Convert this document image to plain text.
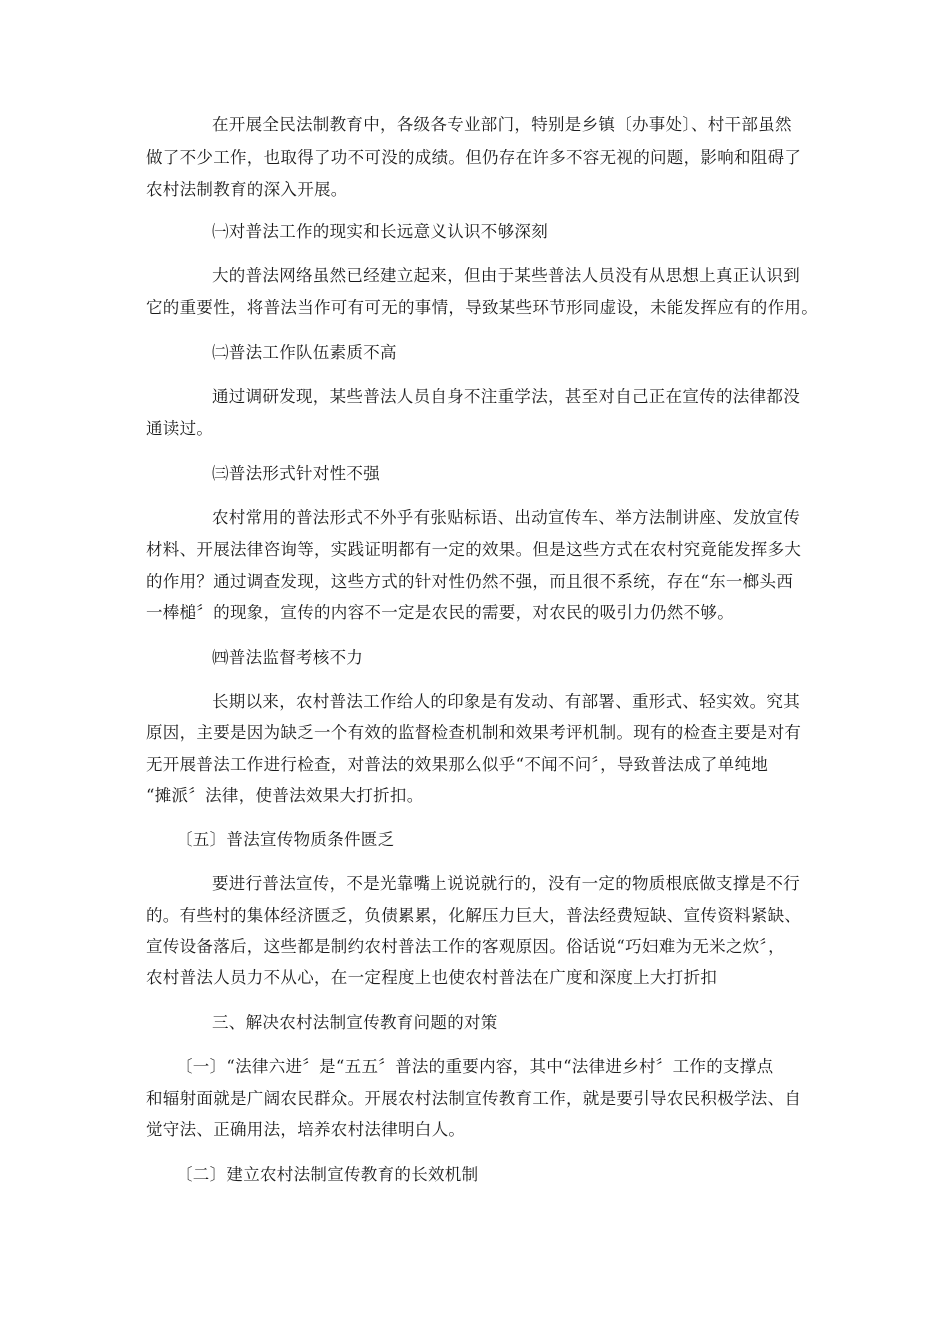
在开展全民法制教育中，各级各专业部门，特别是乡镇〔办事处〕、村干部虽然
做了不少工作，也取得了功不可没的成绩。但仍存在许多不容无视的问题，影响和阻碍了
农村法制教育的深入开展。
㈠对普法工作的现实和长远意义认识不够深刻
大的普法网络虽然已经建立起来，但由于某些普法人员没有从思想上真正认识到
它的重要性，将普法当作可有可无的事情，导致某些环节形同虚设，未能发挥应有的作用。
㈡普法工作队伍素质不高
通过调研发现，某些普法人员自身不注重学法，甚至对自己正在宣传的法律都没
通读过。
㈢普法形式针对性不强
农村常用的普法形式不外乎有张贴标语、出动宣传车、举方法制讲座、发放宣传
材料、开展法律咨询等，实践证明都有一定的效果。但是这些方式在农村究竟能发挥多大
的作用？通过调查发现，这些方式的针对性仍然不强，而且很不系统，存在“东一榔头西
一棒槌〞的现象，宣传的内容不一定是农民的需要，对农民的吸引力仍然不够。
㈣普法监督考核不力
长期以来，农村普法工作给人的印象是有发动、有部署、重形式、轻实效。究其
原因，主要是因为缺乏一个有效的监督检查机制和效果考评机制。现有的检查主要是对有
无开展普法工作进行检查，对普法的效果那么似乎“不闻不问〞，导致普法成了单纯地
“摊派〞法律，使普法效果大打折扣。
〔五〕普法宣传物质条件匮乏
要进行普法宣传，不是光靠嘴上说说就行的，没有一定的物质根底做支撑是不行
的。有些村的集体经济匮乏，负债累累，化解压力巨大，普法经费短缺、宣传资料紧缺、
宣传设备落后，这些都是制约农村普法工作的客观原因。俗话说“巧妇难为无米之炊〞，
农村普法人员力不从心，在一定程度上也使农村普法在广度和深度上大打折扣
三、解决农村法制宣传教育问题的对策
〔一〕“法律六进〞是“五五〞普法的重要内容，其中“法律进乡村〞工作的支撑点
和辐射面就是广阔农民群众。开展农村法制宣传教育工作，就是要引导农民积极学法、自
觉守法、正确用法，培养农村法律明白人。
〔二〕建立农村法制宣传教育的长效机制
